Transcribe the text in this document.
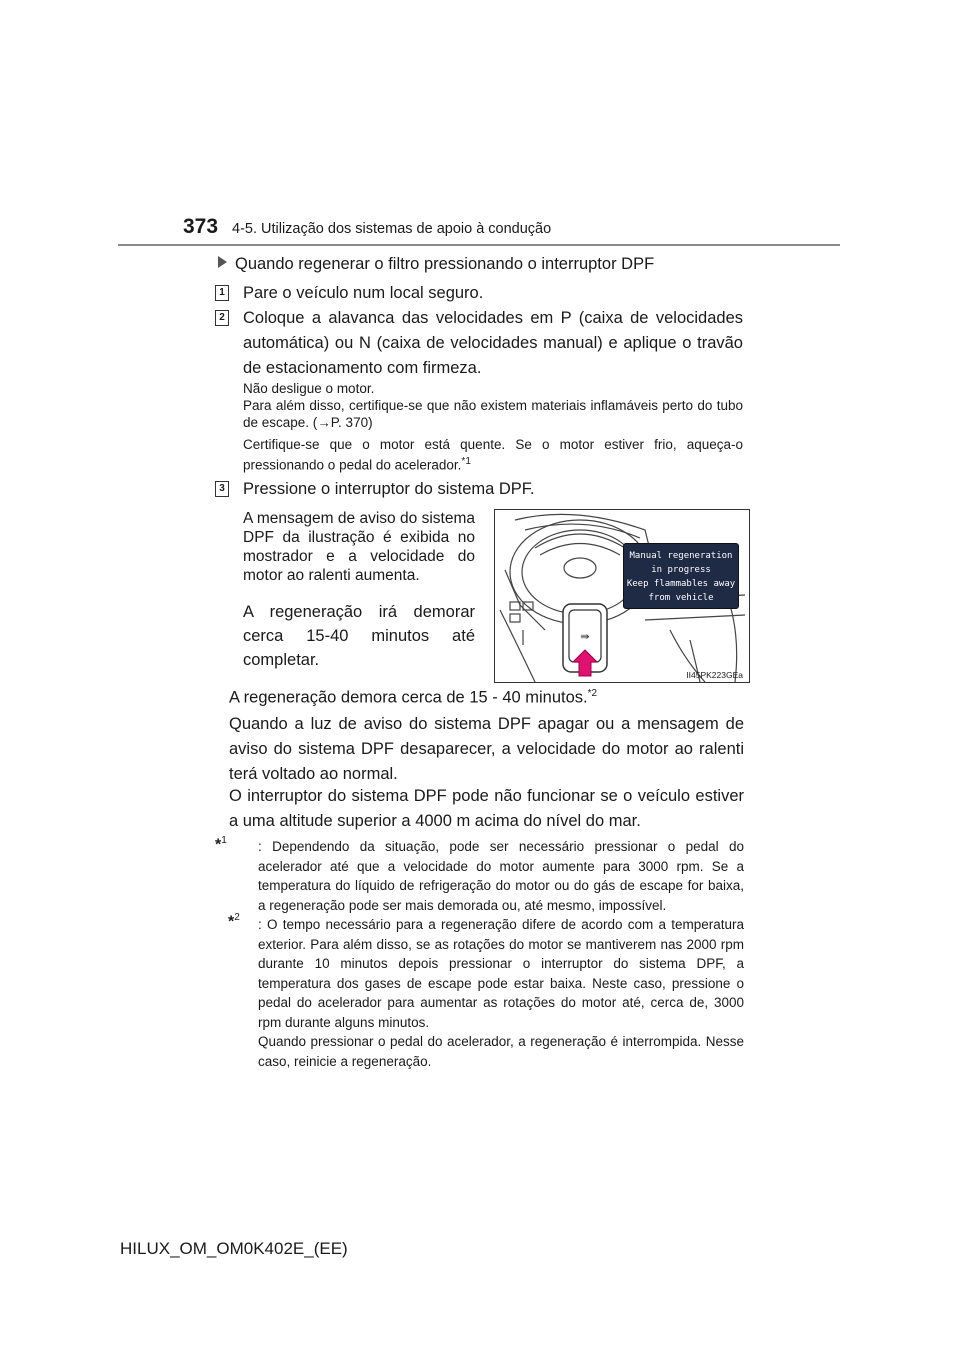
373 4-5. Utilização dos sistemas de apoio à condução
Quando regenerar o filtro pressionando o interruptor DPF
1 Pare o veículo num local seguro.
2 Coloque a alavanca das velocidades em P (caixa de velocidades automática) ou N (caixa de velocidades manual) e aplique o travão de estacionamento com firmeza.
Não desligue o motor.
Para além disso, certifique-se que não existem materiais inflamáveis perto do tubo de escape. (→P. 370)
Certifique-se que o motor está quente. Se o motor estiver frio, aqueça-o pressionando o pedal do acelerador.$^{*1}$
3 Pressione o interruptor do sistema DPF.
A mensagem de aviso do sistema DPF da ilustração é exibida no mostrador e a velocidade do motor ao ralenti aumenta.
A regeneração irá demorar cerca 15-40 minutos até completar.
⇛
Manual regeneration
in progress
Keep flammables away
from vehicle
II45PK223GEa
A regeneração demora cerca de 15 - 40 minutos.$^{*2}$
Quando a luz de aviso do sistema DPF apagar ou a mensagem de aviso do sistema DPF desaparecer, a velocidade do motor ao ralenti terá voltado ao normal.
O interruptor do sistema DPF pode não funcionar se o veículo estiver a uma altitude superior a 4000 m acima do nível do mar.
*$^1$ : Dependendo da situação, pode ser necessário pressionar o pedal do acelerador até que a velocidade do motor aumente para 3000 rpm. Se a temperatura do líquido de refrigeração do motor ou do gás de escape for baixa, a regeneração pode ser mais demorada ou, até mesmo, impossível.
*$^2$ : O tempo necessário para a regeneração difere de acordo com a temperatura exterior. Para além disso, se as rotações do motor se mantiverem nas 2000 rpm durante 10 minutos depois pressionar o interruptor do sistema DPF, a temperatura dos gases de escape pode estar baixa. Neste caso, pressione o pedal do acelerador para aumentar as rotações do motor até, cerca de, 3000 rpm durante alguns minutos.
Quando pressionar o pedal do acelerador, a regeneração é interrompida. Nesse caso, reinicie a regeneração.
HILUX_OM_OM0K402E_(EE)
